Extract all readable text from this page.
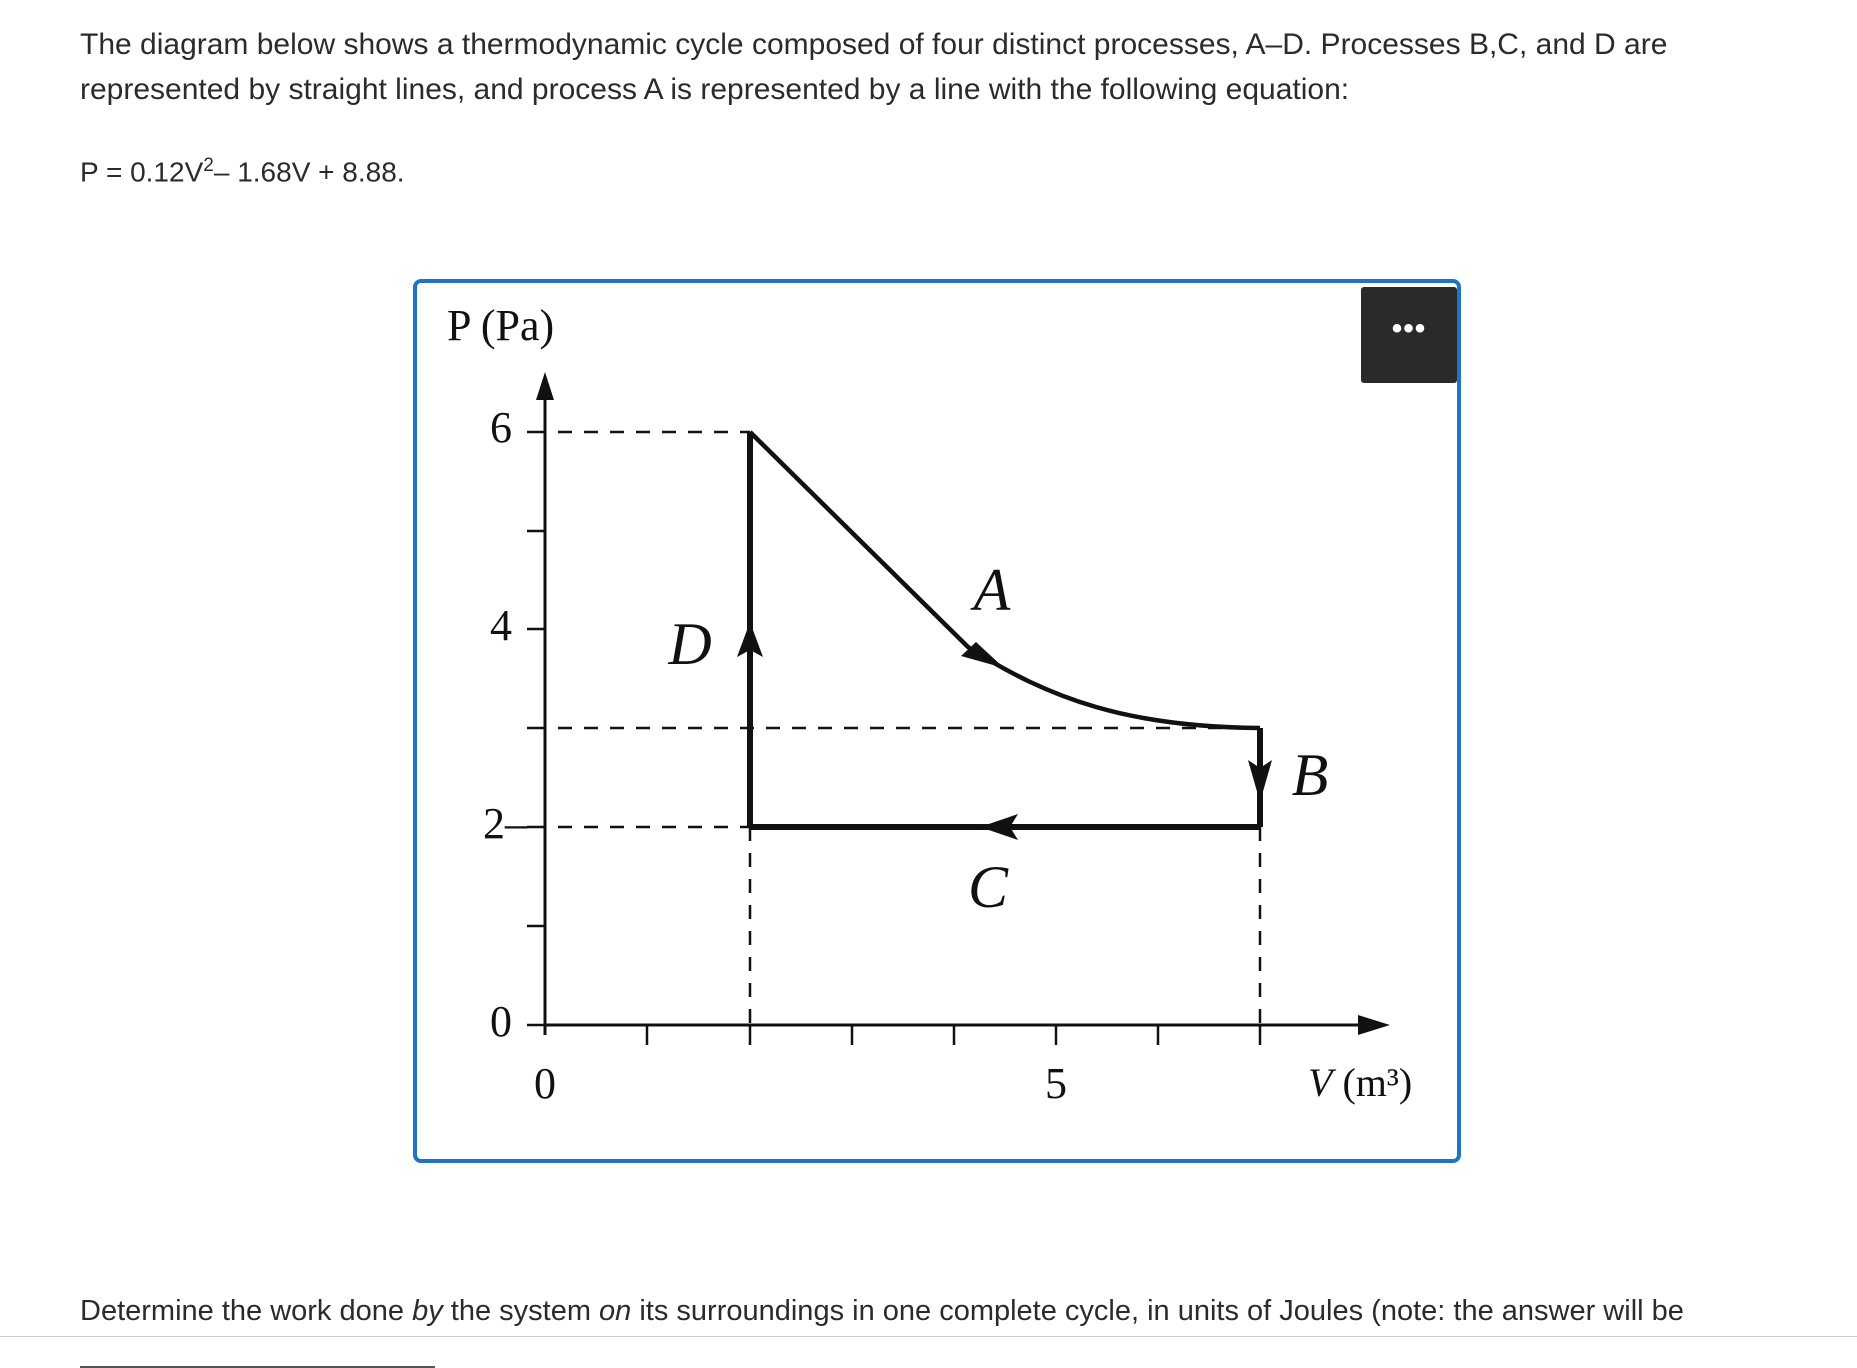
The diagram below shows a thermodynamic cycle composed of four distinct processes, A–D. Processes B,C, and D are represented by straight lines, and process A is represented by a line with the following equation:

$P = 0.12V^2-$ 1.68V + 8.88.

6
4
2–
0
0	5
P (Pa)
V (m³)
A
B
C
D
•••

Determine the work done by the system on its surroundings in one complete cycle, in units of Joules (note: the answer will be
